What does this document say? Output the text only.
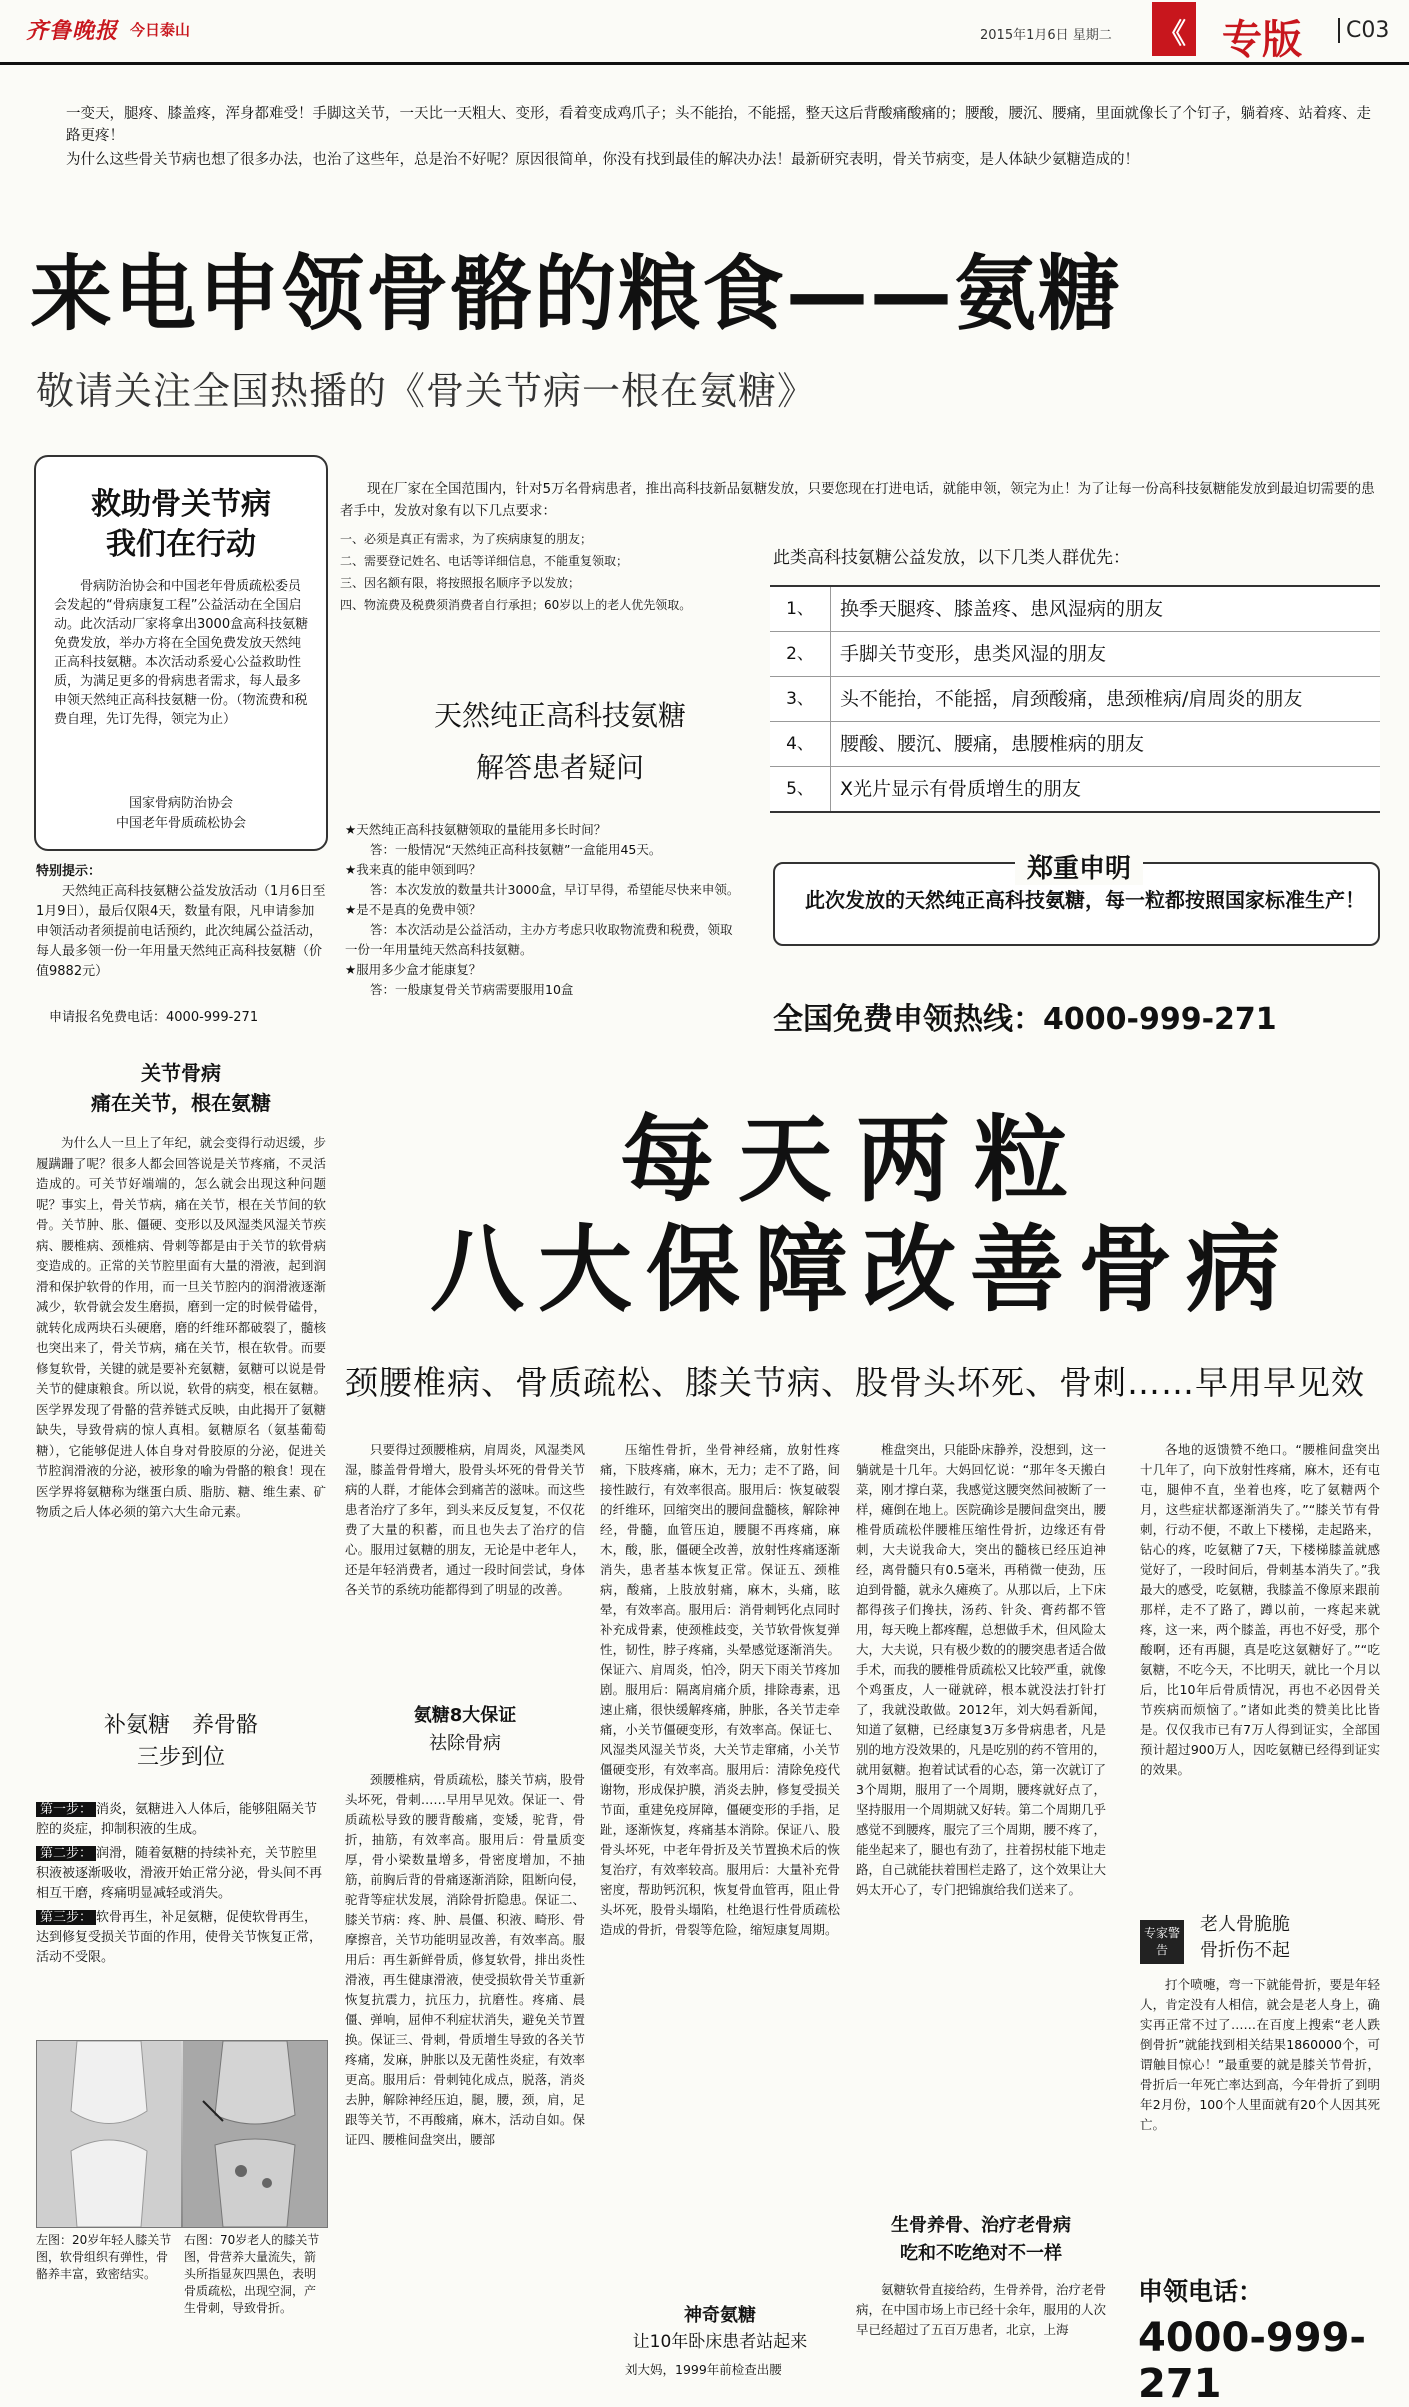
齐鲁晚报 今日泰山	2015年1月6日 星期二 《 专版	C03
一变天，腿疼、膝盖疼，浑身都难受！手脚这关节，一天比一天粗大、变形，看着变成鸡爪子；头不能抬，不能摇，整天这后背酸痛酸痛的；腰酸，腰沉、腰痛，里面就像长了个钉子，躺着疼、站着疼、走路更疼！
为什么这些骨关节病也想了很多办法，也治了这些年，总是治不好呢？原因很简单，你没有找到最佳的解决办法！最新研究表明，骨关节病变，是人体缺少氨糖造成的！
来电申领骨骼的粮食——氨糖
敬请关注全国热播的《骨关节病一根在氨糖》
救助骨关节病
我们在行动
骨病防治协会和中国老年骨质疏松委员会发起的“骨病康复工程”公益活动在全国启动。此次活动厂家将拿出3000盒高科技氨糖免费发放，举办方将在全国免费发放天然纯正高科技氨糖。本次活动系爱心公益救助性质，为满足更多的骨病患者需求，每人最多申领天然纯正高科技氨糖一份。（物流费和税费自理，先订先得，领完为止）
国家骨病防治协会
中国老年骨质疏松协会
特别提示：
天然纯正高科技氨糖公益发放活动（1月6日至1月9日），最后仅限4天，数量有限，凡申请参加申领活动者须提前电话预约，此次纯属公益活动，每人最多领一份一年用量天然纯正高科技氨糖（价值9882元）
申请报名免费电话：4000-999-271
关节骨病
痛在关节，根在氨糖
为什么人一旦上了年纪，就会变得行动迟缓，步履蹒跚了呢？很多人都会回答说是关节疼痛，不灵活造成的。可关节好端端的，怎么就会出现这种问题呢？事实上，骨关节病，痛在关节，根在关节间的软骨。关节肿、胀、僵硬、变形以及风湿类风湿关节疾病、腰椎病、颈椎病、骨刺等都是由于关节的软骨病变造成的。正常的关节腔里面有大量的滑液，起到润滑和保护软骨的作用，而一旦关节腔内的润滑液逐渐减少，软骨就会发生磨损，磨到一定的时候骨磕骨，就转化成两块石头硬磨，磨的纤维环都破裂了，髓核也突出来了，骨关节病，痛在关节，根在软骨。而要修复软骨，关键的就是要补充氨糖，氨糖可以说是骨关节的健康粮食。所以说，软骨的病变，根在氨糖。医学界发现了骨骼的营养链式反映，由此揭开了氨糖缺失，导致骨病的惊人真相。氨糖原名（氨基葡萄糖），它能够促进人体自身对骨胶原的分泌，促进关节腔润滑液的分泌，被形象的喻为骨骼的粮食！现在医学界将氨糖称为继蛋白质、脂肪、糖、维生素、矿物质之后人体必须的第六大生命元素。
补氨糖　养骨骼
三步到位
第一步： 消炎，氨糖进入人体后，能够阻隔关节腔的炎症，抑制积液的生成。
第二步： 润滑，随着氨糖的持续补充，关节腔里积液被逐渐吸收，滑液开始正常分泌，骨头间不再相互干磨，疼痛明显减轻或消失。
第三步： 软骨再生，补足氨糖，促使软骨再生，达到修复受损关节面的作用，使骨关节恢复正常，活动不受限。
左图：20岁年轻人膝关节图，软骨组织有弹性，骨骼养丰富，致密结实。
右图：70岁老人的膝关节图，骨营养大量流失，箭头所指显灰四黑色，表明骨质疏松，出现空洞，产生骨刺，导致骨折。
现在厂家在全国范围内，针对5万名骨病患者，推出高科技新品氨糖发放，只要您现在打进电话，就能申领，领完为止！为了让每一份高科技氨糖能发放到最迫切需要的患者手中，发放对象有以下几点要求：
一、必须是真正有需求，为了疾病康复的朋友；
二、需要登记姓名、电话等详细信息，不能重复领取；
三、因名额有限，将按照报名顺序予以发放；
四、物流费及税费须消费者自行承担；60岁以上的老人优先领取。
天然纯正高科技氨糖
解答患者疑问
★天然纯正高科技氨糖领取的量能用多长时间？
答：一般情况“天然纯正高科技氨糖”一盒能用45天。
★我来真的能申领到吗？
答：本次发放的数量共计3000盒，早订早得，希望能尽快来申领。
★是不是真的免费申领？
答：本次活动是公益活动，主办方考虑只收取物流费和税费，领取一份一年用量纯天然高科技氨糖。
★服用多少盒才能康复？
答：一般康复骨关节病需要服用10盒
此类高科技氨糖公益发放，以下几类人群优先：
1、	换季天腿疼、膝盖疼、患风湿病的朋友
2、	手脚关节变形，患类风湿的朋友
3、	头不能抬，不能摇，肩颈酸痛，患颈椎病/肩周炎的朋友
4、	腰酸、腰沉、腰痛，患腰椎病的朋友
5、	X光片显示有骨质增生的朋友
郑重申明
此次发放的天然纯正高科技氨糖，每一粒都按照国家标准生产！
全国免费申领热线：4000-999-271
每天两粒
八大保障改善骨病
颈腰椎病、骨质疏松、膝关节病、股骨头坏死、骨刺……早用早见效
只要得过颈腰椎病，肩周炎，风湿类风湿，膝盖骨骨增大，股骨头坏死的骨骨关节病的人群，才能体会到痛苦的滋味。而这些患者治疗了多年，到头来反反复复，不仅花费了大量的积蓄，而且也失去了治疗的信心。服用过氨糖的朋友，无论是中老年人，还是年轻消费者，通过一段时间尝试，身体各关节的系统功能都得到了明显的改善。
氨糖8大保证
祛除骨病
颈腰椎病，骨质疏松，膝关节病，股骨头坏死，骨刺……早用早见效。保证一、骨质疏松导致的腰背酸痛，变矮，驼背，骨折，抽筋，有效率高。服用后：骨量质变厚，骨小梁数量增多，骨密度增加，不抽筋，前胸后背的骨痛逐渐消除，阻断向侵，驼背等症状发展，消除骨折隐患。保证二、膝关节病：疼、肿、晨僵、积液、畸形、骨摩擦音，关节功能明显改善，有效率高。服用后：再生新鲜骨质，修复软骨，排出炎性滑液，再生健康滑液，使受损软骨关节重新恢复抗震力，抗压力，抗磨性。疼痛、晨僵、弹响，屈伸不利症状消失，避免关节置换。保证三、骨刺，骨质增生导致的各关节疼痛，发麻，肿胀以及无菌性炎症，有效率更高。服用后：骨刺钝化成点，脱落，消炎去肿，解除神经压迫，腿，腰，颈，肩，足跟等关节，不再酸痛，麻木，活动自如。保证四、腰椎间盘突出，腰部
压缩性骨折，坐骨神经痛，放射性疼痛，下肢疼痛，麻木，无力；走不了路，间接性跛行，有效率很高。服用后：恢复破裂的纤维环，回缩突出的腰间盘髓核，解除神经，骨髓，血管压迫，腰腿不再疼痛，麻木，酸，胀，僵硬全改善，放射性疼痛逐渐消失，患者基本恢复正常。保证五、颈椎病，酸痛，上肢放射痛，麻木，头痛，眩晕，有效率高。服用后：消骨刺钙化点同时补充成骨素，使颈椎歧变，关节软骨恢复弹性，韧性，脖子疼痛，头晕感觉逐渐消失。保证六、肩周炎，怕冷，阴天下雨关节疼加剧。服用后：隔离肩痛介质，排除毒素，迅速止痛，很快缓解疼痛，肿胀，各关节走牵痛，小关节僵硬变形，有效率高。保证七、风湿类风湿关节炎，大关节走窜痛，小关节僵硬变形，有效率高。服用后：清除免疫代谢物，形成保护膜，消炎去肿，修复受损关节面，重建免疫屏障，僵硬变形的手指，足趾，逐渐恢复，疼痛基本消除。保证八、股骨头坏死，中老年骨折及关节置换术后的恢复治疗，有效率较高。服用后：大量补充骨密度，帮助钙沉积，恢复骨血管再，阻止骨头坏死，股骨头塌陷，杜绝退行性骨质疏松造成的骨折，骨裂等危险，缩短康复周期。
神奇氨糖
让10年卧床患者站起来
刘大妈，1999年前检查出腰
椎盘突出，只能卧床静养，没想到，这一躺就是十几年。大妈回忆说：“那年冬天搬白菜，刚才撑白菜，我感觉这腰突然间被断了一样，瘫倒在地上。医院确诊是腰间盘突出，腰椎骨质疏松伴腰椎压缩性骨折，边缘还有骨刺，大夫说我命大，突出的髓核已经压迫神经，离骨髓只有0.5毫米，再稍微一使劲，压迫到骨髓，就永久瘫痪了。从那以后，上下床都得孩子们搀扶，汤药、针灸、膏药都不管用，每天晚上都疼醒，总想做手术，但风险太大，大夫说，只有极少数的的腰突患者适合做手术，而我的腰椎骨质疏松又比较严重，就像个鸡蛋皮，人一碰就碎，根本就没法打针打了，我就没敢做。2012年，刘大妈看新闻，知道了氨糖，已经康复3万多骨病患者，凡是别的地方没效果的，凡是吃别的药不管用的，就用氨糖。抱着试试看的心态，第一次就订了3个周期，服用了一个周期，腰疼就好点了，坚持服用一个周期就又好转。第二个周期几乎感觉不到腰疼，服完了三个周期，腰不疼了，能坐起来了，腿也有劲了，拄着拐杖能下地走路，自己就能扶着围栏走路了，这个效果让大妈太开心了，专门把锦旗给我们送来了。
生骨养骨、治疗老骨病
吃和不吃绝对不一样
氨糖软骨直接给药，生骨养骨，治疗老骨病，在中国市场上市已经十余年，服用的人次早已经超过了五百万患者，北京，上海
各地的返馈赞不绝口。“腰椎间盘突出十几年了，向下放射性疼痛，麻木，还有屯屯，腿伸不直，坐着也疼，吃了氨糖两个月，这些症状都逐渐消失了。”“膝关节有骨刺，行动不便，不敢上下楼梯，走起路来，钻心的疼，吃氨糖了7天，下楼梯膝盖就感觉好了，一段时间后，骨刺基本消失了。”我最大的感受，吃氨糖，我膝盖不像原来跟前那样，走不了路了，蹲以前，一疼起来就疼，这一来，两个膝盖，再也不好受，那个酸啊，还有再腿，真是吃这氨糖好了。”“吃氨糖，不吃今天，不比明天，就比一个月以后，比10年后骨质情况，再也不必因骨关节疾病而烦恼了。”诸如此类的赞美比比皆是。仅仅我市已有7万人得到证实，全部国预计超过900万人，因吃氨糖已经得到证实的效果。
专家警告
老人骨脆脆
骨折伤不起
打个喷嚏，弯一下就能骨折，要是年轻人，肯定没有人相信，就会是老人身上，确实再正常不过了……在百度上搜索“老人跌倒骨折”就能找到相关结果1860000个，可谓触目惊心！”最重要的就是膝关节骨折，骨折后一年死亡率达到高，今年骨折了到明年2月份，100个人里面就有20个人因其死亡。
申领电话：
4000-999-271
